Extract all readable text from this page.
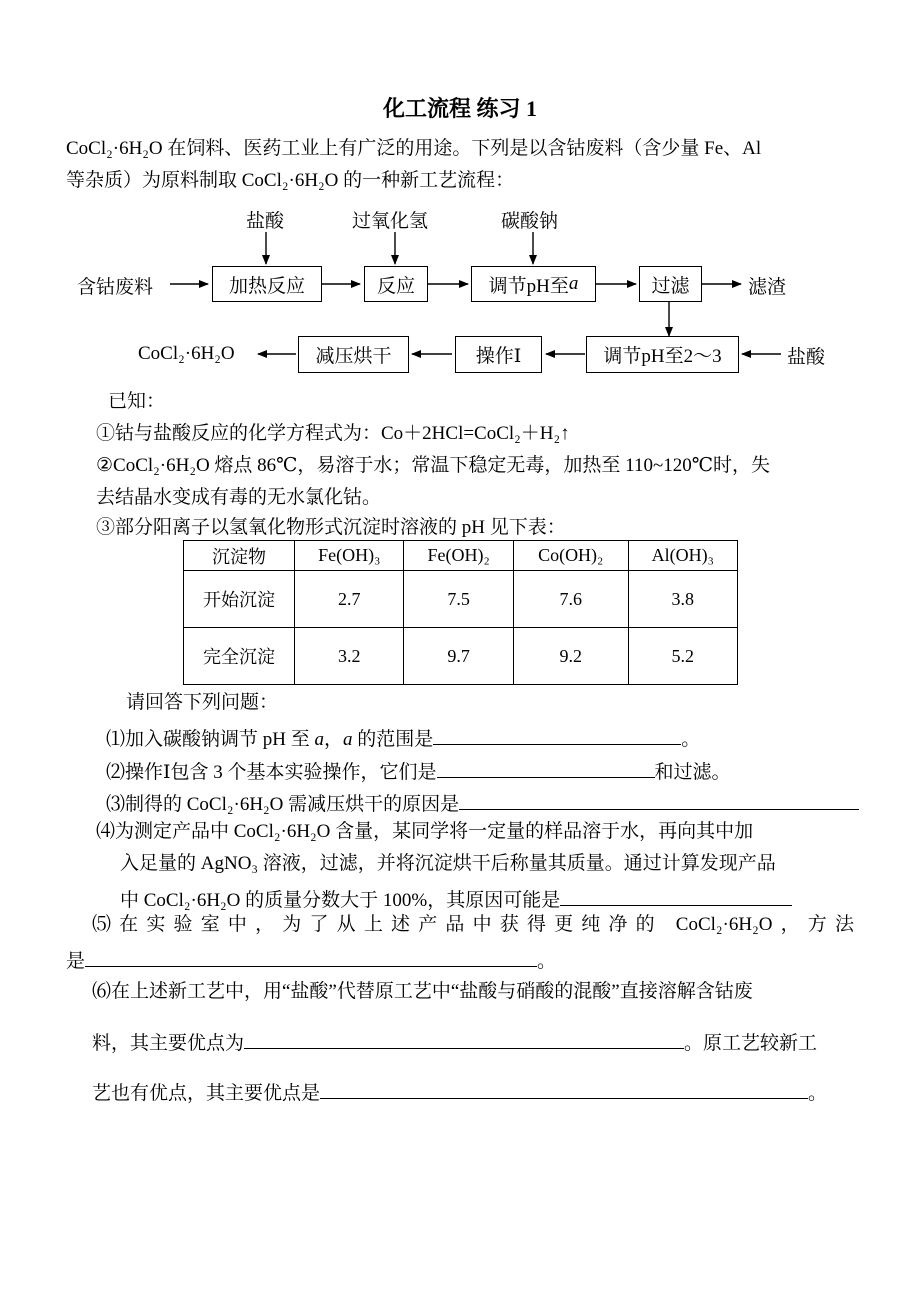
化工流程 练习 1
CoCl₂·6H₂O 在饲料、医药工业上有广泛的用途。下列是以含钴废料（含少量 Fe、Al
等杂质）为原料制取 CoCl₂·6H₂O 的一种新工艺流程：
盐酸	过氧化氢	碳酸钠
含钴废料	加热反应	反应	调节pH至 a	过滤	滤渣
盐酸
调节pH至2～3
操作Ⅰ
减压烘干
CoCl₂·6H₂O
已知：
①钴与盐酸反应的化学方程式为：Co＋2HCl=CoCl₂＋H₂↑
②CoCl₂·6H₂O 熔点 86℃，易溶于水；常温下稳定无毒，加热至 110~120℃时，失
去结晶水变成有毒的无水氯化钴。
③部分阳离子以氢氧化物形式沉淀时溶液的 pH 见下表：
沉淀物	Fe(OH)₃	Fe(OH)₂	Co(OH)₂	Al(OH)₃
开始沉淀	2.7	7.5	7.6	3.8
完全沉淀	3.2	9.7	9.2	5.2
请回答下列问题：
⑴加入碳酸钠调节 pH 至 a，a 的范围是	。
⑵操作Ⅰ包含 3 个基本实验操作，它们是	和过滤。
⑶制得的 CoCl₂·6H₂O 需减压烘干的原因是
⑷为测定产品中 CoCl₂·6H₂O 含量，某同学将一定量的样品溶于水，再向其中加
入足量的 AgNO₃ 溶液，过滤，并将沉淀烘干后称量其质量。通过计算发现产品
中 CoCl₂·6H₂O 的质量分数大于 100%，其原因可能是
⑸在实验室中，为了从上述产品中获得更纯净的 CoCl₂·6H₂O，方法
是	。
⑹在上述新工艺中，用“盐酸”代替原工艺中“盐酸与硝酸的混酸”直接溶解含钴废
料，其主要优点为	。原工艺较新工
艺也有优点，其主要优点是	。
